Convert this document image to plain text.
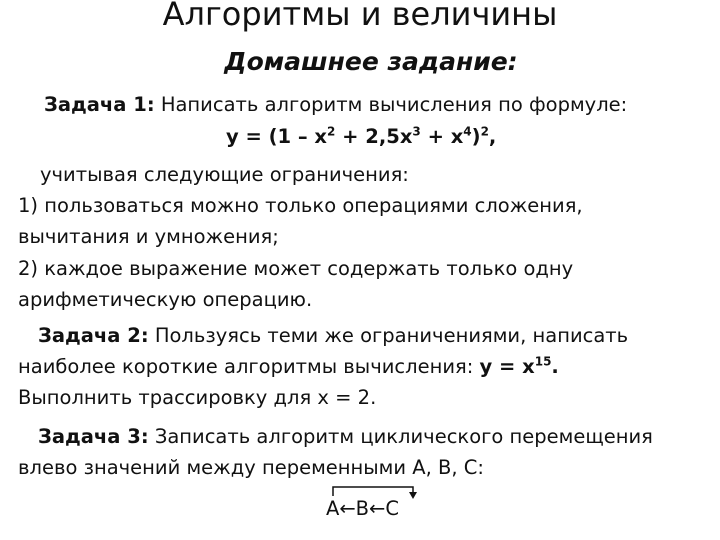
Алгоритмы и величины
Домашнее задание:
Задача 1: Написать алгоритм вычисления по формуле:
$y = (1 - x^2 + 2,5x^3 + x^4)^2$,
учитывая следующие ограничения:
1) пользоваться можно только операциями сложения,
вычитания и умножения;
2) каждое выражение может содержать только одну
арифметическую операцию.
Задача 2: Пользуясь теми же ограничениями, написать
наиболее короткие алгоритмы вычисления: $y = x^{15}$.
Выполнить трассировку для x = 2.
Задача 3: Записать алгоритм циклического перемещения
влево значений между переменными А, В, С:
А←В←С
